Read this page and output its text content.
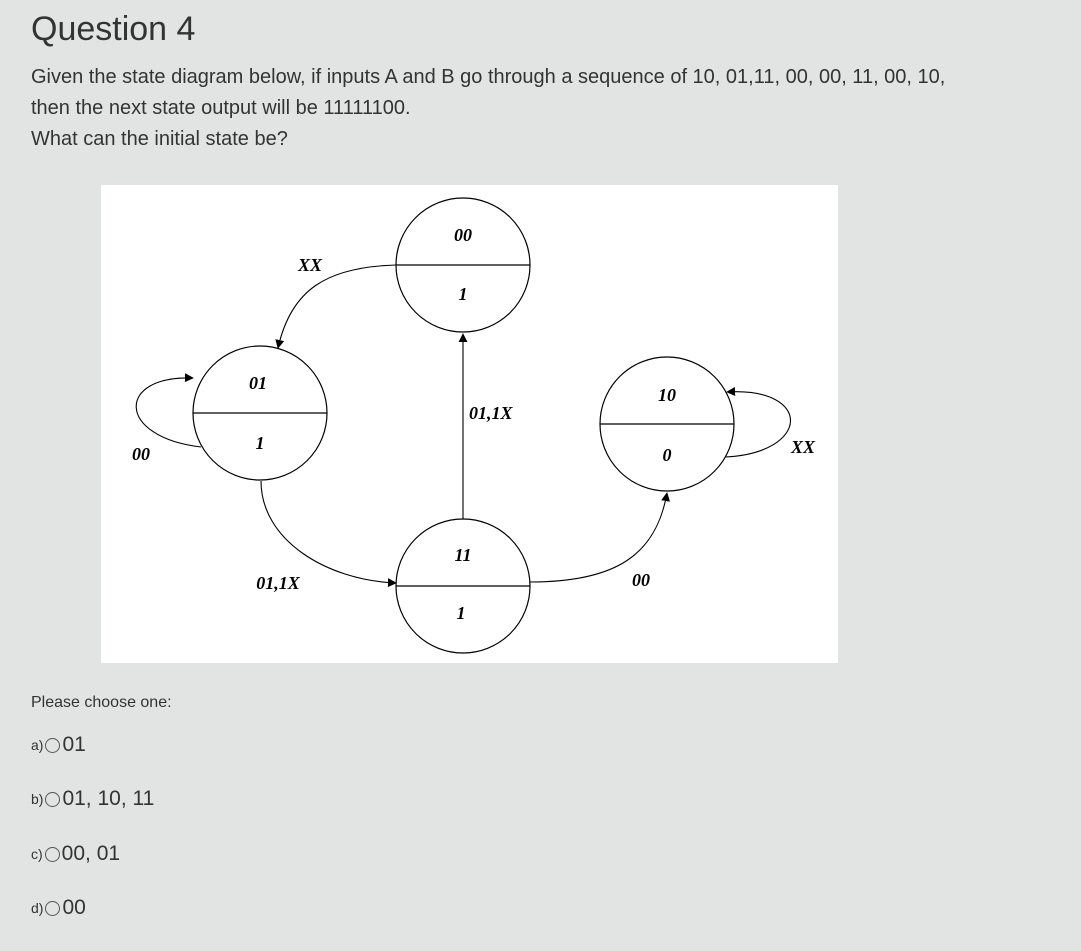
Question 4

Given the state diagram below, if inputs A and B go through a sequence of 10, 01,11, 00, 00, 11, 00, 10,

then the next state output will be 11111100.

What can the initial state be?

00
1
01
1
11
1
10
0
XX
00
01,1X
01,1X	00
XX
Please choose one:
a) 01
b) 01, 10, 11
c) 00, 01
d) 00
